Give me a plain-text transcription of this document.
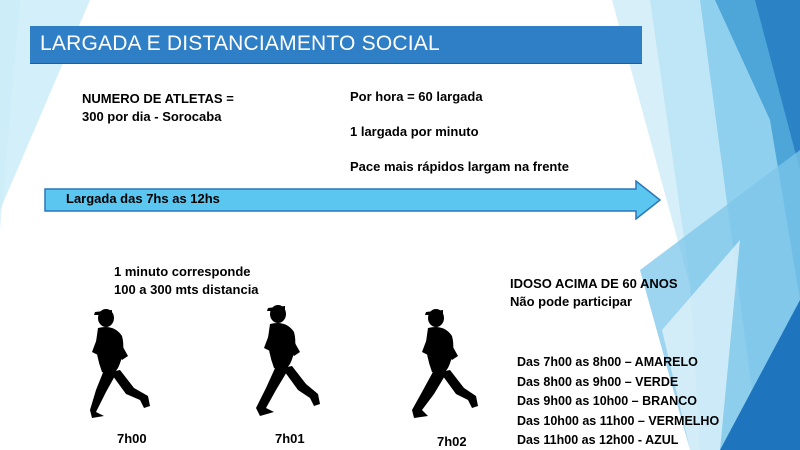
LARGADA E DISTANCIAMENTO SOCIAL
NUMERO DE ATLETAS =
300 por dia - Sorocaba
Por hora = 60 largada
1 largada por minuto
Pace mais rápidos largam na frente
Largada das 7hs as 12hs
1 minuto corresponde
100 a 300 mts distancia	IDOSO ACIMA DE 60 ANOS
Não pode participar
7h00	7h01	7h02
Das 7h00 as 8h00 – AMARELO
Das 8h00 as 9h00 – VERDE
Das 9h00 as 10h00 – BRANCO
Das 10h00 as 11h00 – VERMELHO
Das 11h00 as 12h00 - AZUL
